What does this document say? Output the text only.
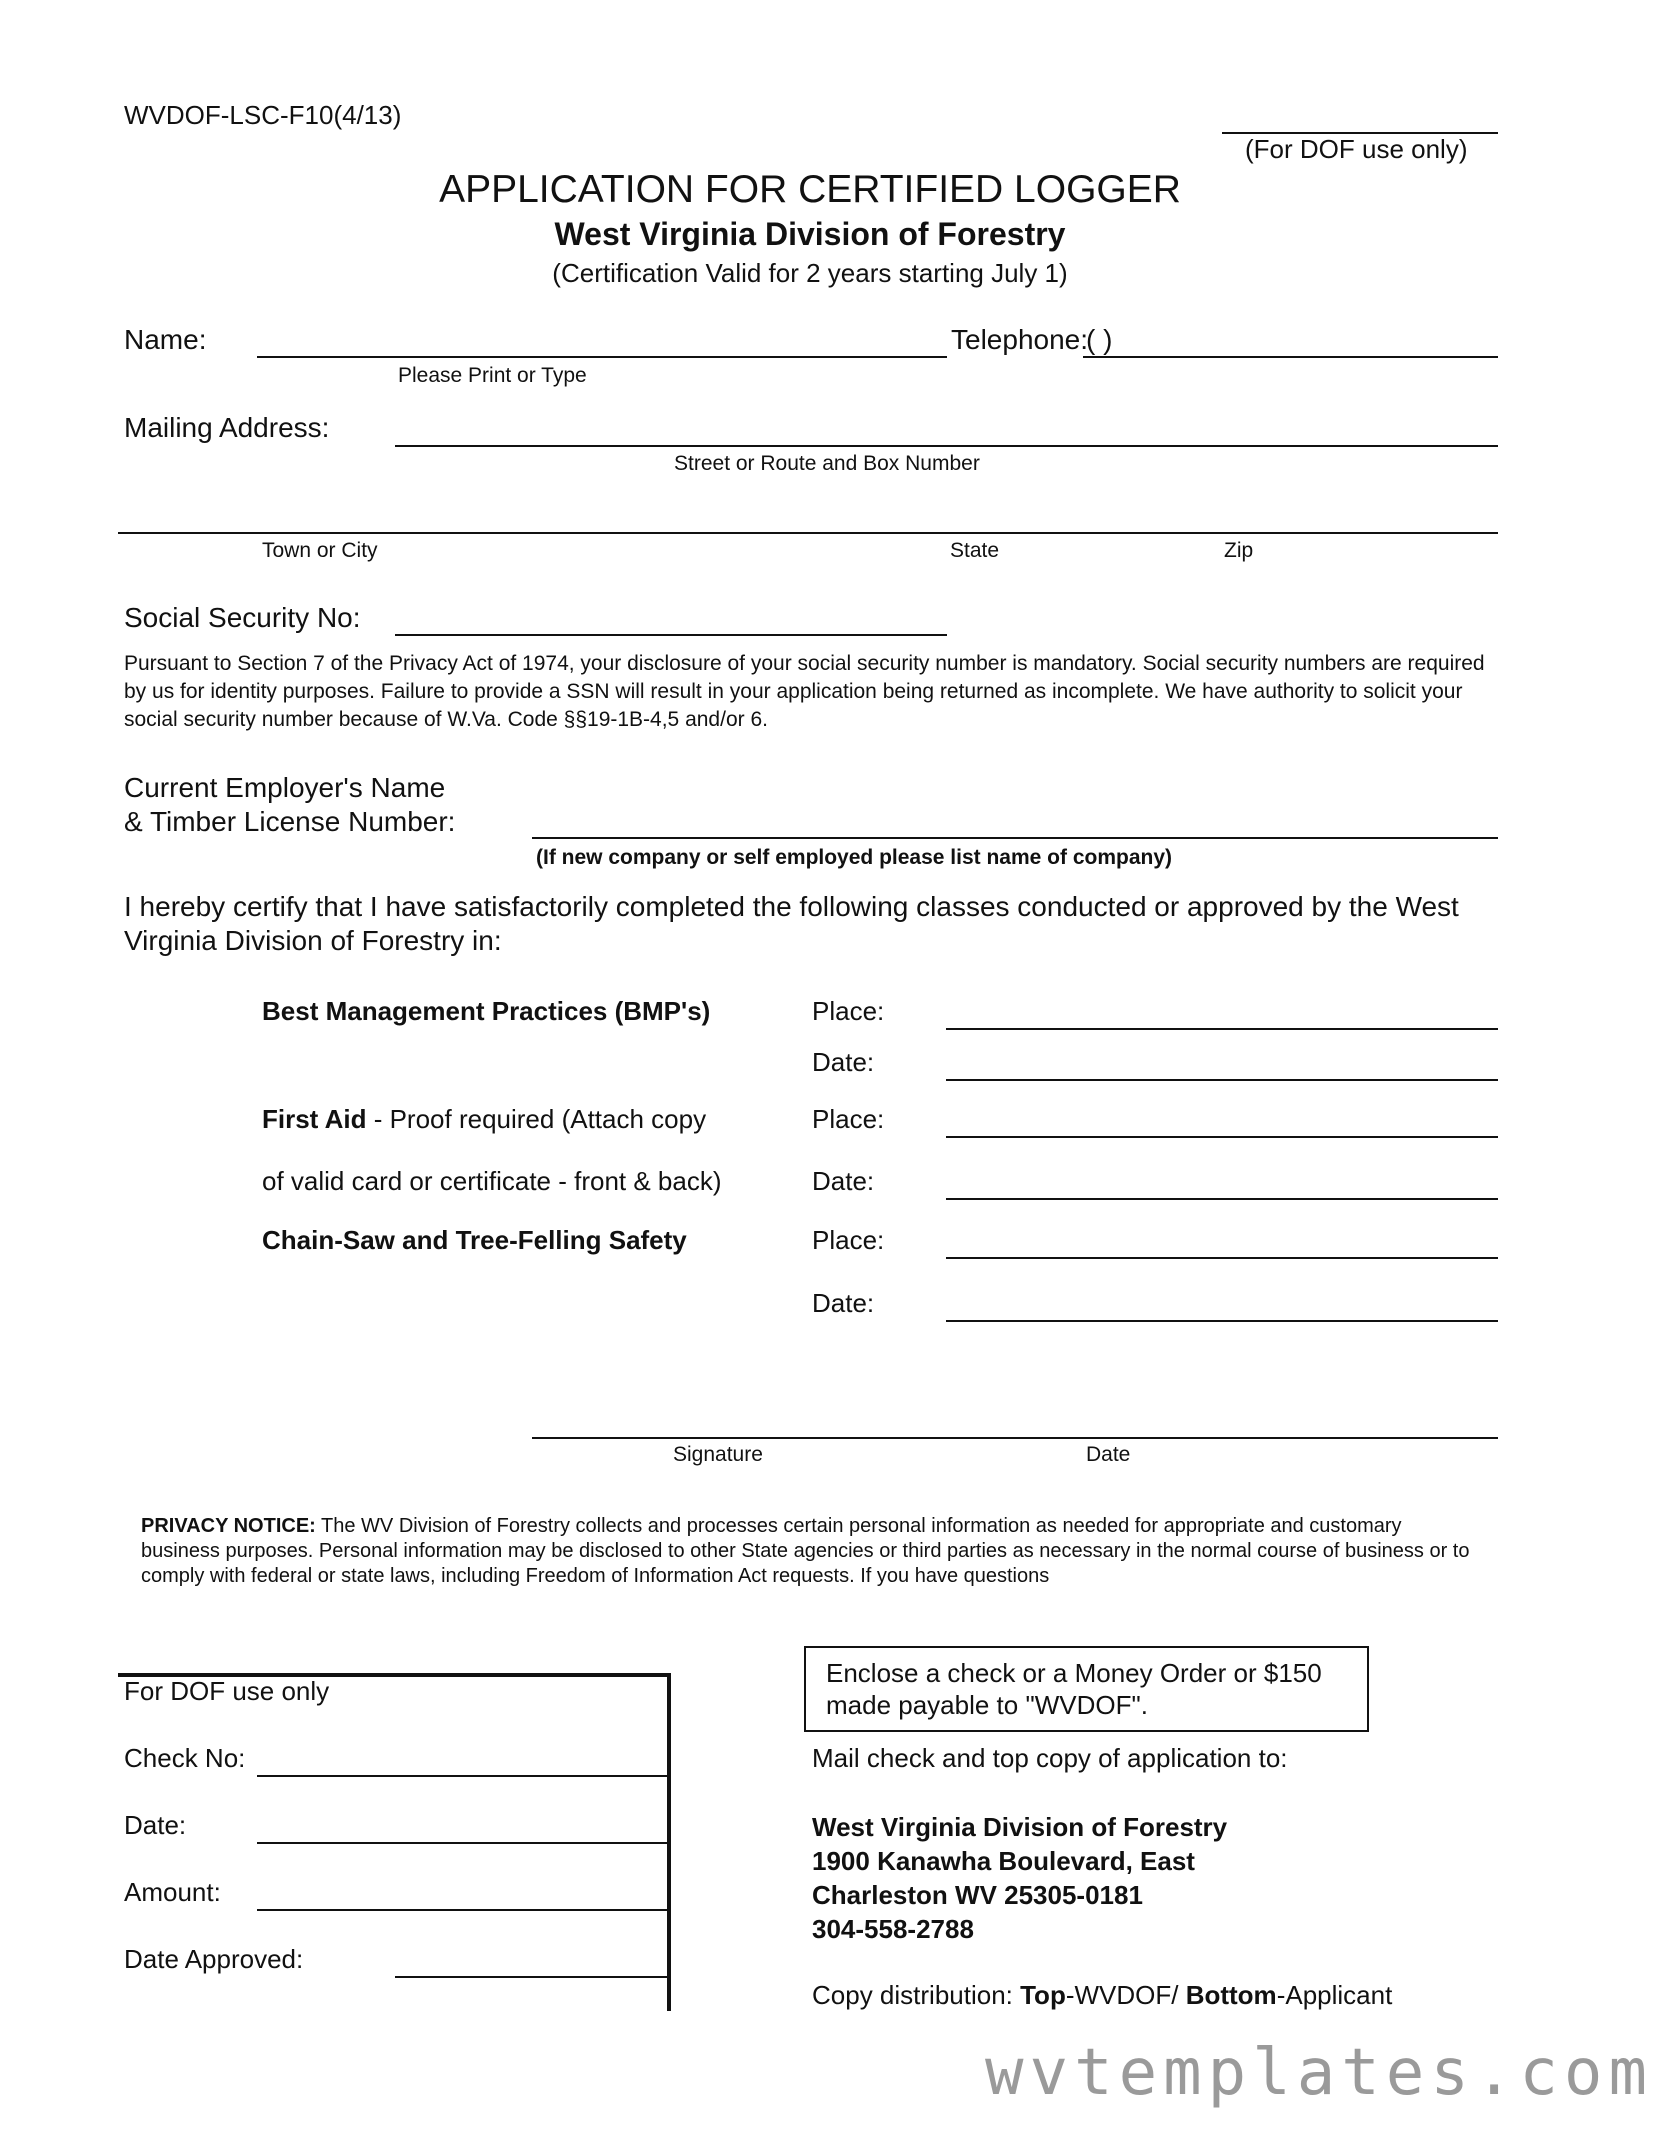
WVDOF-LSC-F10(4/13)
(For DOF use only)
APPLICATION FOR CERTIFIED LOGGER
West Virginia Division of Forestry
(Certification Valid for 2 years starting July 1)
Name:	Telephone:
( )
Please Print or Type
Mailing Address:
Street or Route and Box Number
Town or City	State	Zip
Social Security No:
Pursuant to Section 7 of the Privacy Act of 1974, your disclosure of your social security number is mandatory. Social security numbers are required by us for identity purposes. Failure to provide a SSN will result in your application being returned as incomplete. We have authority to solicit your social security number because of W.Va. Code §§19-1B-4,5 and/or 6.
Current Employer's Name
& Timber License Number:
(If new company or self employed please list name of company)
I hereby certify that I have satisfactorily completed the following classes conducted or approved by the West Virginia Division of Forestry in:
Best Management Practices (BMP's)	Place:
Date:
First Aid - Proof required (Attach copy	Place:
of valid card or certificate - front & back)	Date:
Chain-Saw and Tree-Felling Safety	Place:
Date:
Signature	Date
PRIVACY NOTICE: The WV Division of Forestry collects and processes certain personal information as needed for appropriate and customary business purposes. Personal information may be disclosed to other State agencies or third parties as necessary in the normal course of business or to comply with federal or state laws, including Freedom of Information Act requests. If you have questions
For DOF use only
Check No:
Date:
Amount:
Date Approved:
Enclose a check or a Money Order or $150
made payable to "WVDOF".
Mail check and top copy of application to:
West Virginia Division of Forestry
1900 Kanawha Boulevard, East
Charleston WV 25305-0181
304-558-2788
Copy distribution: Top-WVDOF/ Bottom-Applicant
wvtemplates.com
